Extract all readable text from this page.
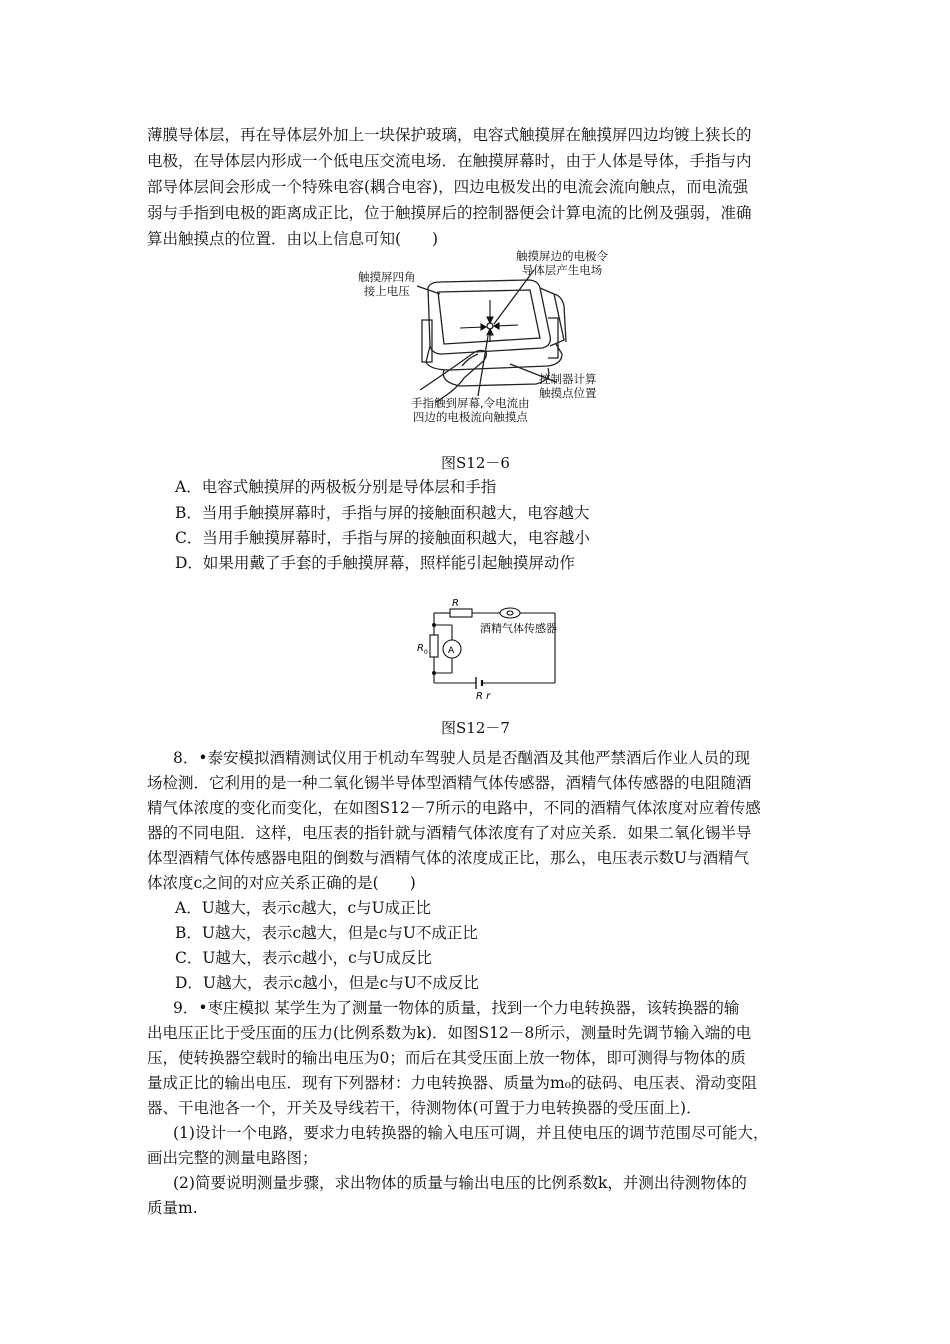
薄膜导体层，再在导体层外加上一块保护玻璃，电容式触摸屏在触摸屏四边均镀上狭长的
电极，在导体层内形成一个低电压交流电场．在触摸屏幕时，由于人体是导体，手指与内
部导体层间会形成一个特殊电容(耦合电容)，四边电极发出的电流会流向触点，而电流强
弱与手指到电极的距离成正比，位于触摸屏后的控制器便会计算电流的比例及强弱，准确
算出触摸点的位置．由以上信息可知(　　)
触摸屏四角
接上电压
触摸屏边的电极令
导体层产生电场
控制器计算
触摸点位置
手指触到屏幕,令电流由
四边的电极流向触摸点
图S12－6
A．电容式触摸屏的两极板分别是导体层和手指
B．当用手触摸屏幕时，手指与屏的接触面积越大，电容越大
C．当用手触摸屏幕时，手指与屏的接触面积越大，电容越小
D．如果用戴了手套的手触摸屏幕，照样能引起触摸屏动作
R
R 0 A
R r
酒精气体传感器
图S12－7
8．•泰安模拟酒精测试仪用于机动车驾驶人员是否酗酒及其他严禁酒后作业人员的现
场检测．它利用的是一种二氧化锡半导体型酒精气体传感器，酒精气体传感器的电阻随酒
精气体浓度的变化而变化，在如图S12－7所示的电路中，不同的酒精气体浓度对应着传感
器的不同电阻．这样，电压表的指针就与酒精气体浓度有了对应关系．如果二氧化锡半导
体型酒精气体传感器电阻的倒数与酒精气体的浓度成正比，那么，电压表示数U与酒精气
体浓度c之间的对应关系正确的是(　　)
A．U越大，表示c越大，c与U成正比
B．U越大，表示c越大，但是c与U不成正比
C．U越大，表示c越小，c与U成反比
D．U越大，表示c越小，但是c与U不成反比
9．•枣庄模拟 某学生为了测量一物体的质量，找到一个力电转换器，该转换器的输
出电压正比于受压面的压力(比例系数为k)．如图S12－8所示，测量时先调节输入端的电
压，使转换器空载时的输出电压为0；而后在其受压面上放一物体，即可测得与物体的质
量成正比的输出电压．现有下列器材：力电转换器、质量为m₀的砝码、电压表、滑动变阻
器、干电池各一个，开关及导线若干，待测物体(可置于力电转换器的受压面上)．
(1)设计一个电路，要求力电转换器的输入电压可调，并且使电压的调节范围尽可能大，
画出完整的测量电路图；
(2)简要说明测量步骤，求出物体的质量与输出电压的比例系数k，并测出待测物体的
质量m.
